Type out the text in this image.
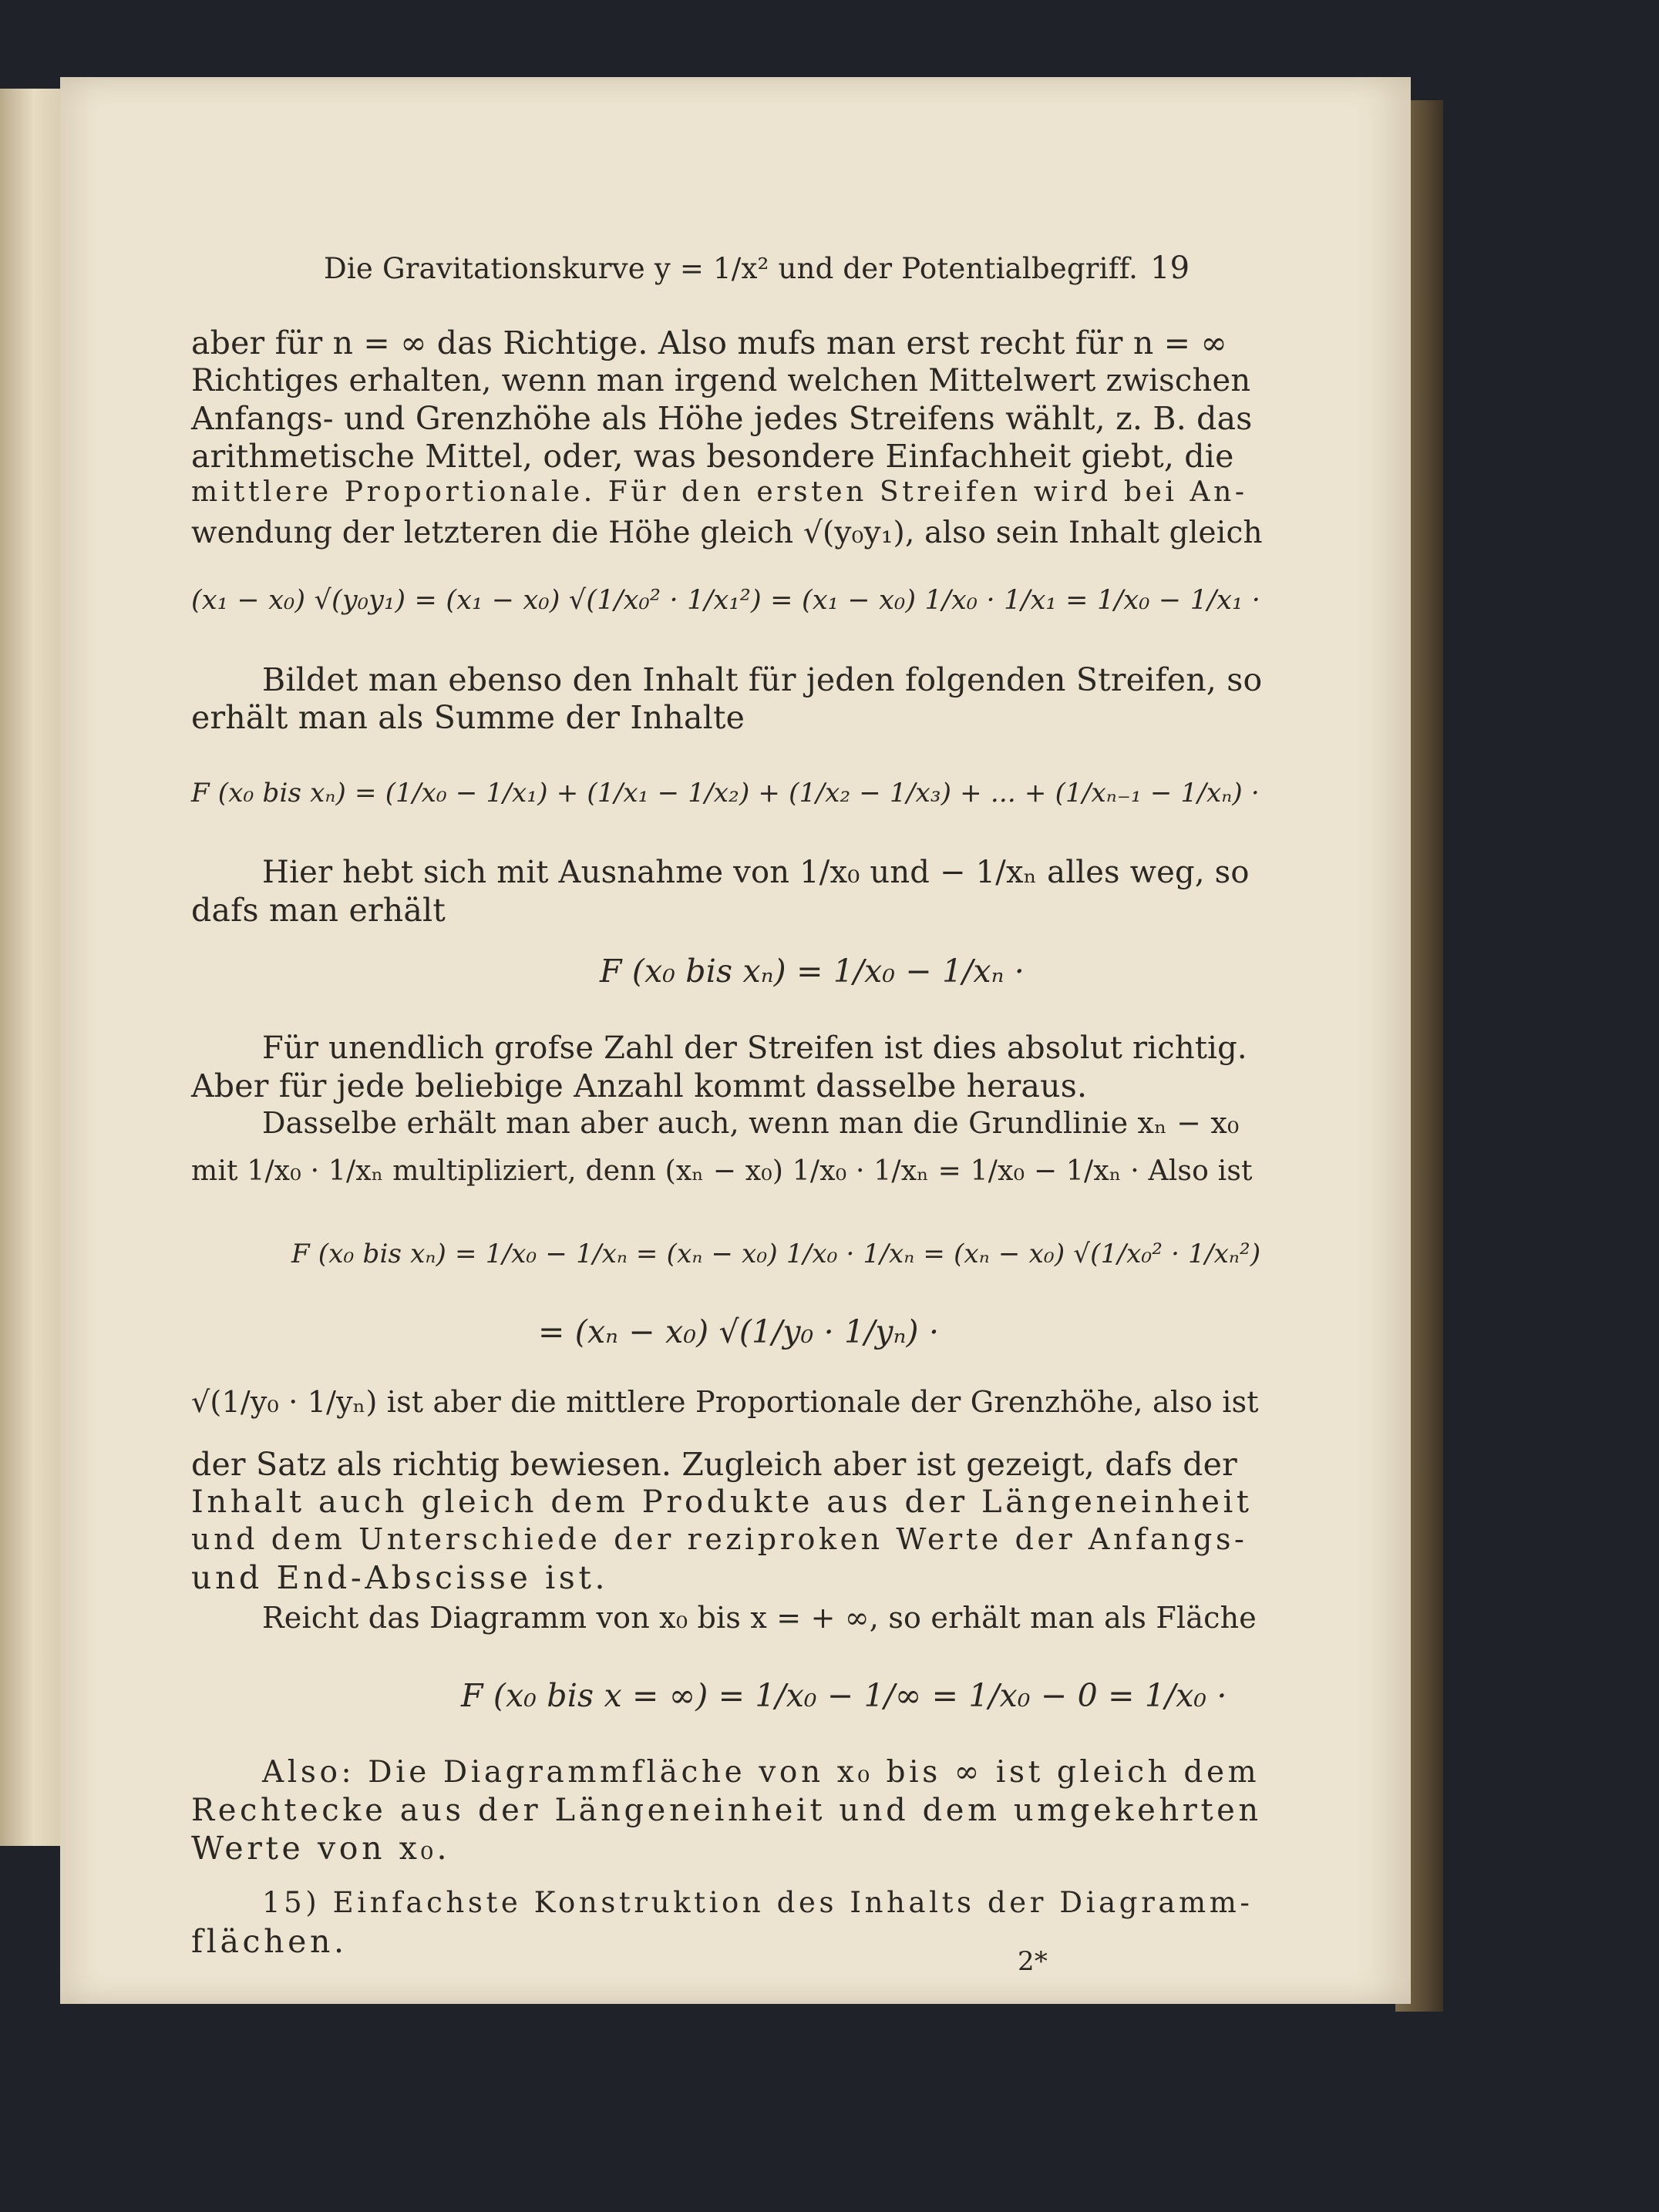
Die Gravitationskurve y = 1/x² und der Potentialbegriff. 19
aber für n = ∞ das Richtige. Also mufs man erst recht für n = ∞
Richtiges erhalten, wenn man irgend welchen Mittelwert zwischen
Anfangs- und Grenzhöhe als Höhe jedes Streifens wählt, z. B. das
arithmetische Mittel, oder, was besondere Einfachheit giebt, die
mittlere Proportionale. Für den ersten Streifen wird bei An-
wendung der letzteren die Höhe gleich √(y₀y₁), also sein Inhalt gleich
(x₁ − x₀) √(y₀y₁) = (x₁ − x₀) √(1/x₀² · 1/x₁²) = (x₁ − x₀) 1/x₀ · 1/x₁ = 1/x₀ − 1/x₁ ·
Bildet man ebenso den Inhalt für jeden folgenden Streifen, so
erhält man als Summe der Inhalte
F (x₀ bis xₙ) = (1/x₀ − 1/x₁) + (1/x₁ − 1/x₂) + (1/x₂ − 1/x₃) + ... + (1/xₙ₋₁ − 1/xₙ) ·
Hier hebt sich mit Ausnahme von 1/x₀ und − 1/xₙ alles weg, so
dafs man erhält
F (x₀ bis xₙ) = 1/x₀ − 1/xₙ ·
Für unendlich grofse Zahl der Streifen ist dies absolut richtig.
Aber für jede beliebige Anzahl kommt dasselbe heraus.
Dasselbe erhält man aber auch, wenn man die Grundlinie xₙ − x₀
mit 1/x₀ · 1/xₙ multipliziert, denn (xₙ − x₀) 1/x₀ · 1/xₙ = 1/x₀ − 1/xₙ · Also ist
F (x₀ bis xₙ) = 1/x₀ − 1/xₙ = (xₙ − x₀) 1/x₀ · 1/xₙ = (xₙ − x₀) √(1/x₀² · 1/xₙ²)
= (xₙ − x₀) √(1/y₀ · 1/yₙ) ·
√(1/y₀ · 1/yₙ) ist aber die mittlere Proportionale der Grenzhöhe, also ist
der Satz als richtig bewiesen. Zugleich aber ist gezeigt, dafs der
Inhalt auch gleich dem Produkte aus der Längeneinheit
und dem Unterschiede der reziproken Werte der Anfangs-
und End-Abscisse ist.
Reicht das Diagramm von x₀ bis x = + ∞, so erhält man als Fläche
F (x₀ bis x = ∞) = 1/x₀ − 1/∞ = 1/x₀ − 0 = 1/x₀ ·
Also: Die Diagrammfläche von x₀ bis ∞ ist gleich dem
Rechtecke aus der Längeneinheit und dem umgekehrten
Werte von x₀.
15) Einfachste Konstruktion des Inhalts der Diagramm-
flächen.
2*
